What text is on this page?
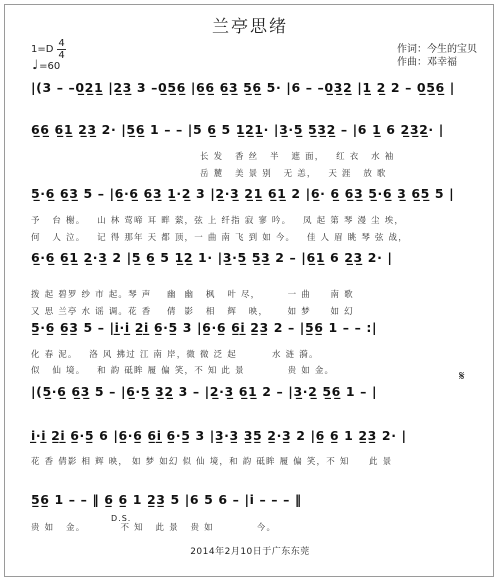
兰亭思绪
作词：今生的宝贝
作曲：邓幸福
1=D
4
4
♩=60
|(3 – –0̲2̲1̲ |2̲3̲ 3 –0̲5̲6̲ |6̲6̲ 6̲3̲ 5̲6̲ 5· |6 – –0̲3̲2̲ |1̲ 2̲ 2 – 0̲5̲6̲ |
6̲6̲ 6̲1̲ 2̲3̲ 2· |5̲6̲ 1 – – |5 6̲ 5 1̲2̲1̲· |3̲·5̲ 5̲3̲2̲ – |6 1̲ 6 2̲3̲2̲· |
长 发   香 丝   半   遮 面，   红 衣   水 袖
岳 麓   美 景 别   无 恙，   天 涯   放 歌
5̲·6̲ 6̲3̲ 5 – |6̲·6̲ 6̲3̲ 1̲·2̲ 3 |2̲·3̲ 2̲1̲ 6̲1̲ 2 |6̲· 6̲ 6̲3̲ 5̲·6̲ 3̲ 6̲5̲ 5 |
予   台 榭。   山 林 莺啼 耳 畔 萦，弦 上 纤指 寂 寥 吟。   凤 起 第 琴 漫 尘 埃，
何   人 泣。   记 得 那年 天 都 顶，一 曲 南 飞 到 如 今。   佳 人 眉 眺 琴 弦 战，
6̲·6̲ 6̲1̲ 2̲·3̲ 2 |5̲ 6̲ 5 1̲2̲ 1· |3̲·5̲ 5̲3̲ 2 – |6̲1̲ 6 2̲3̲ 2· |
拨 起 碧罗 纱 市 起。琴 声    幽  幽   枫   叶 尽，       一 曲     南 歌
又 思 兰亭 水 谣 调。花 香    倩  影   相   辉   映，     如 梦     如 幻
5̲·6̲ 6̲3̲ 5 – |i̲·i̲ 2̲i̲ 6̲·5̲ 3 |6̲·6̲ 6̲i̲ 2̲3̲ 2 – |5̲6̲ 1 – – :|
化 春 泥。   洛 风 拂过 江 南 岸，微 微 泛 起         水 涟 漪。
似   仙 境。   和 韵 砥眸 履 偏 笑，不 知 此 景           贵 如 金。	𝄋
|(5̲·6̲ 6̲3̲ 5 – |6̲·5̲ 3̲2̲ 3 – |2̲·3̲ 6̲1̲ 2 – |3̲·2̲ 5̲6̲ 1 – |
i̲·i̲ 2̲i̲ 6̲·5̲ 6 |6̲·6̲ 6̲i̲ 6̲·5̲ 3 |3̲·3̲ 3̲5̲ 2̲·3̲ 2 |6̲ 6̲ 1 2̲3̲ 2· |
花 香 倩影 相 辉 映， 如 梦 如幻 似 仙 境，和 韵 砥眸 履 偏 笑，不 知     此 景
5̲6̲ 1 – – ‖ 6̲ 6̲ 1 2̲3̲ 5 |6 5 6 – |i – – – ‖
D.S.
贵 如   金。         不 知   此 景   贵 如           今。
2014年2月10日于广东东莞
